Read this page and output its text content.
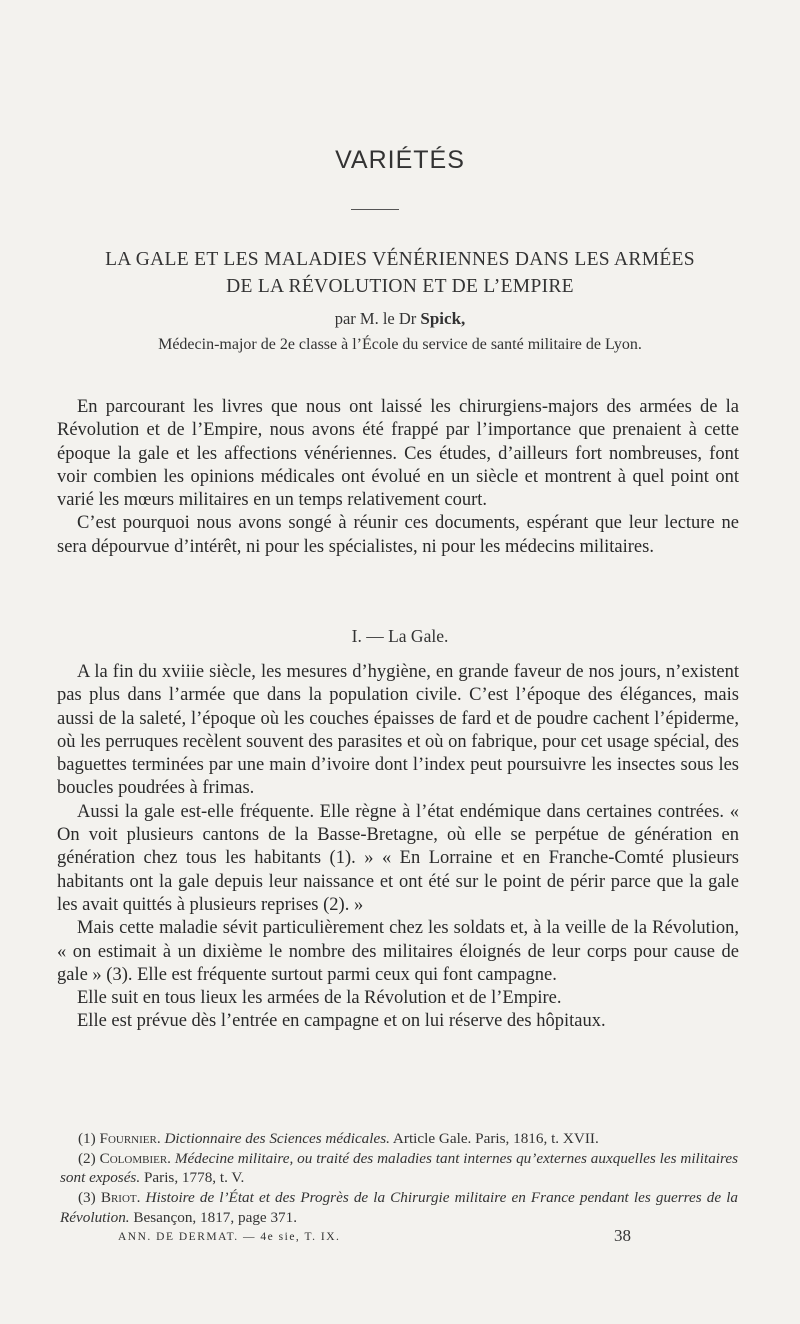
VARIÉTÉS
LA GALE ET LES MALADIES VÉNÉRIENNES DANS LES ARMÉES
DE LA RÉVOLUTION ET DE L’EMPIRE
par M. le Dr Spick,
Médecin-major de 2e classe à l’École du service de santé militaire de Lyon.

En parcourant les livres que nous ont laissé les chirurgiens-majors des armées de la Révolution et de l’Empire, nous avons été frappé par l’importance que prenaient à cette époque la gale et les affections vénériennes. Ces études, d’ailleurs fort nombreuses, font voir combien les opinions médicales ont évolué en un siècle et montrent à quel point ont varié les mœurs militaires en un temps relativement court.

C’est pourquoi nous avons songé à réunir ces documents, espérant que leur lecture ne sera dépourvue d’intérêt, ni pour les spécialistes, ni pour les médecins militaires.

I. — La Gale.

A la fin du xviiie siècle, les mesures d’hygiène, en grande faveur de nos jours, n’existent pas plus dans l’armée que dans la population civile. C’est l’époque des élégances, mais aussi de la saleté, l’époque où les couches épaisses de fard et de poudre cachent l’épiderme, où les perruques recèlent souvent des parasites et où on fabrique, pour cet usage spécial, des baguettes terminées par une main d’ivoire dont l’index peut poursuivre les insectes sous les boucles poudrées à frimas.

Aussi la gale est-elle fréquente. Elle règne à l’état endémique dans certaines contrées. « On voit plusieurs cantons de la Basse-Bretagne, où elle se perpétue de génération en génération chez tous les habitants (1). » « En Lorraine et en Franche-Comté plusieurs habitants ont la gale depuis leur naissance et ont été sur le point de périr parce que la gale les avait quittés à plusieurs reprises (2). »

Mais cette maladie sévit particulièrement chez les soldats et, à la veille de la Révolution, « on estimait à un dixième le nombre des militaires éloignés de leur corps pour cause de gale » (3). Elle est fréquente surtout parmi ceux qui font campagne.

Elle suit en tous lieux les armées de la Révolution et de l’Empire.

Elle est prévue dès l’entrée en campagne et on lui réserve des hôpitaux.

(1) Fournier. Dictionnaire des Sciences médicales. Article Gale. Paris, 1816, t. XVII.

(2) Colombier. Médecine militaire, ou traité des maladies tant internes qu’externes auxquelles les militaires sont exposés. Paris, 1778, t. V.

(3) Briot. Histoire de l’État et des Progrès de la Chirurgie militaire en France pendant les guerres de la Révolution. Besançon, 1817, page 371.

ANN. DE DERMAT. — 4e sie, T. IX.	38
